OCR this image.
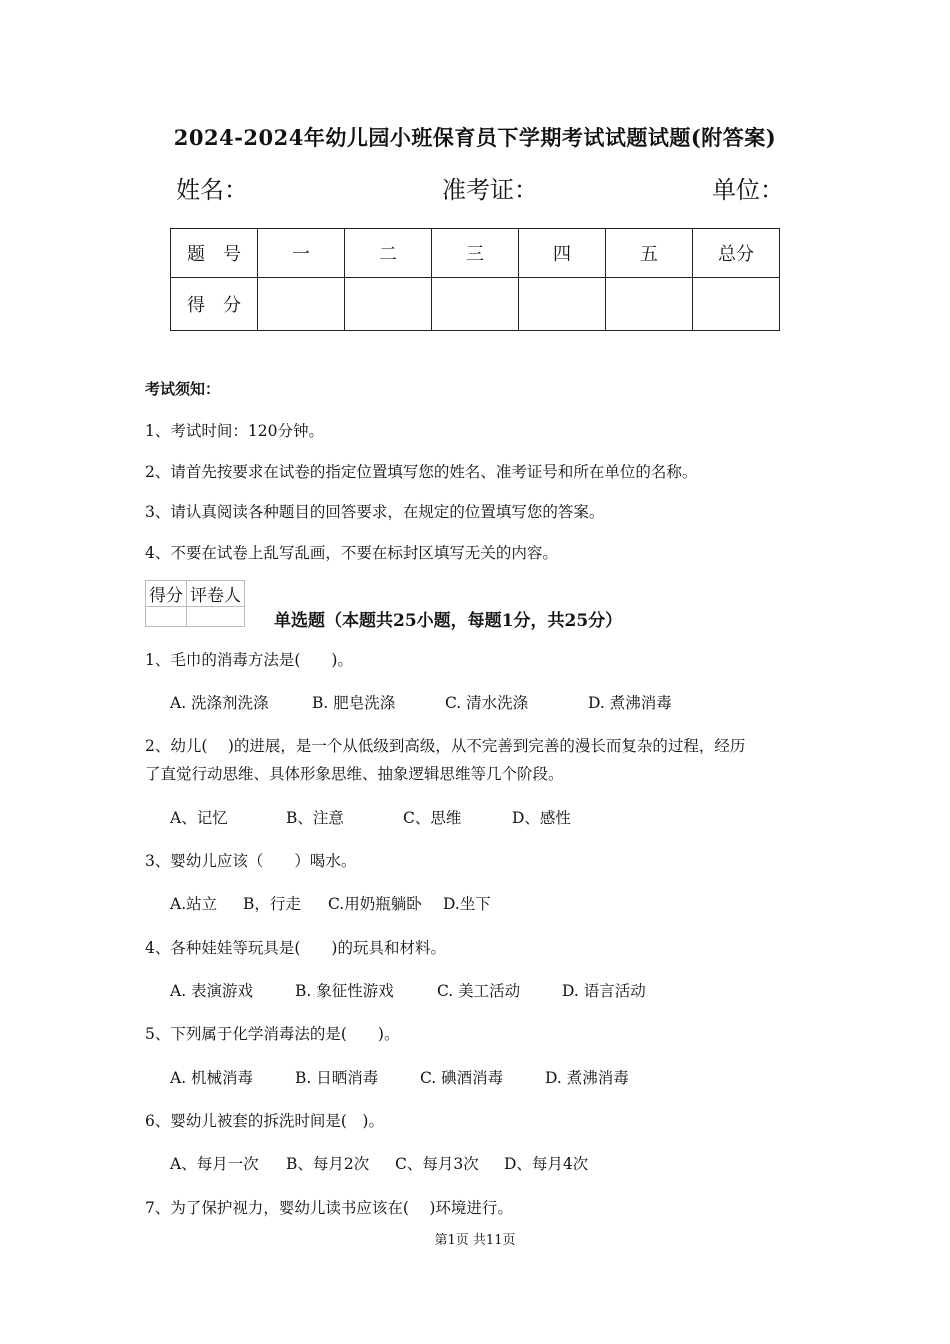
2024-2024年幼儿园小班保育员下学期考试试题试题(附答案)
姓名：	准考证：	单位：
题　号	一	二	三	四	五	总分
得　分						
考试须知：
1、考试时间：120分钟。
2、请首先按要求在试卷的指定位置填写您的姓名、准考证号和所在单位的名称。
3、请认真阅读各种题目的回答要求，在规定的位置填写您的答案。
4、不要在试卷上乱写乱画，不要在标封区填写无关的内容。
得分	评卷人

单选题（本题共25小题，每题1分，共25分）
1、毛巾的消毒方法是(　　)。
A. 洗涤剂洗涤	B. 肥皂洗涤	C. 清水洗涤	D. 煮沸消毒
2、幼儿(　 )的进展，是一个从低级到高级，从不完善到完善的漫长而复杂的过程，经历
了直觉行动思维、具体形象思维、抽象逻辑思维等几个阶段。
A、记忆	B、注意	C、思维	D、感性
3、婴幼儿应该（　　）喝水。
A.站立 B，行走 C.用奶瓶躺卧 D.坐下
4、各种娃娃等玩具是(　　)的玩具和材料。
A. 表演游戏	B. 象征性游戏	C. 美工活动	D. 语言活动
5、下列属于化学消毒法的是(　　)。
A. 机械消毒	B. 日晒消毒	C. 碘酒消毒	D. 煮沸消毒
6、婴幼儿被套的拆洗时间是(　)。
A、每月一次 B、每月2次 C、每月3次 D、每月4次
7、为了保护视力，婴幼儿读书应该在(　 )环境进行。
第1页 共11页
